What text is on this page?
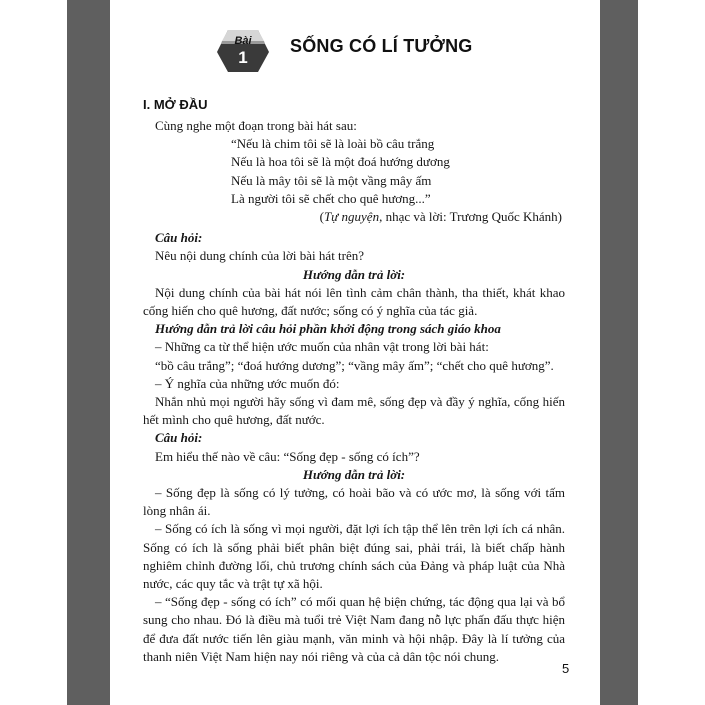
Bài
1
SỐNG CÓ LÍ TƯỞNG
I. MỞ ĐẦU

Cùng nghe một đoạn trong bài hát sau:

“Nếu là chim tôi sẽ là loài bồ câu trắng

Nếu là hoa tôi sẽ là một đoá hướng dương

Nếu là mây tôi sẽ là một vầng mây ấm

Là người tôi sẽ chết cho quê hương...”

(Tự nguyện, nhạc và lời: Trương Quốc Khánh)

Câu hỏi:

Nêu nội dung chính của lời bài hát trên?

Hướng dẫn trả lời:

Nội dung chính của bài hát nói lên tình cảm chân thành, tha thiết, khát khao cống hiến cho quê hương, đất nước; sống có ý nghĩa của tác giả.

Hướng dẫn trả lời câu hỏi phần khởi động trong sách giáo khoa

– Những ca từ thể hiện ước muốn của nhân vật trong lời bài hát:

“bồ câu trắng”; “đoá hướng dương”; “vầng mây ấm”; “chết cho quê hương”.

– Ý nghĩa của những ước muốn đó:

Nhắn nhủ mọi người hãy sống vì đam mê, sống đẹp và đầy ý nghĩa, cống hiến hết mình cho quê hương, đất nước.

Câu hỏi:

Em hiểu thế nào về câu: “Sống đẹp - sống có ích”?

Hướng dẫn trả lời:

– Sống đẹp là sống có lý tưởng, có hoài bão và có ước mơ, là sống với tấm lòng nhân ái.

– Sống có ích là sống vì mọi người, đặt lợi ích tập thể lên trên lợi ích cá nhân. Sống có ích là sống phải biết phân biệt đúng sai, phải trái, là biết chấp hành nghiêm chỉnh đường lối, chủ trương chính sách của Đảng và pháp luật của Nhà nước, các quy tắc và trật tự xã hội.

– “Sống đẹp - sống có ích” có mối quan hệ biện chứng, tác động qua lại và bổ sung cho nhau. Đó là điều mà tuổi trẻ Việt Nam đang nỗ lực phấn đấu thực hiện để đưa đất nước tiến lên giàu mạnh, văn minh và hội nhập. Đây là lí tưởng của thanh niên Việt Nam hiện nay nói riêng và của cả dân tộc nói chung.

5
